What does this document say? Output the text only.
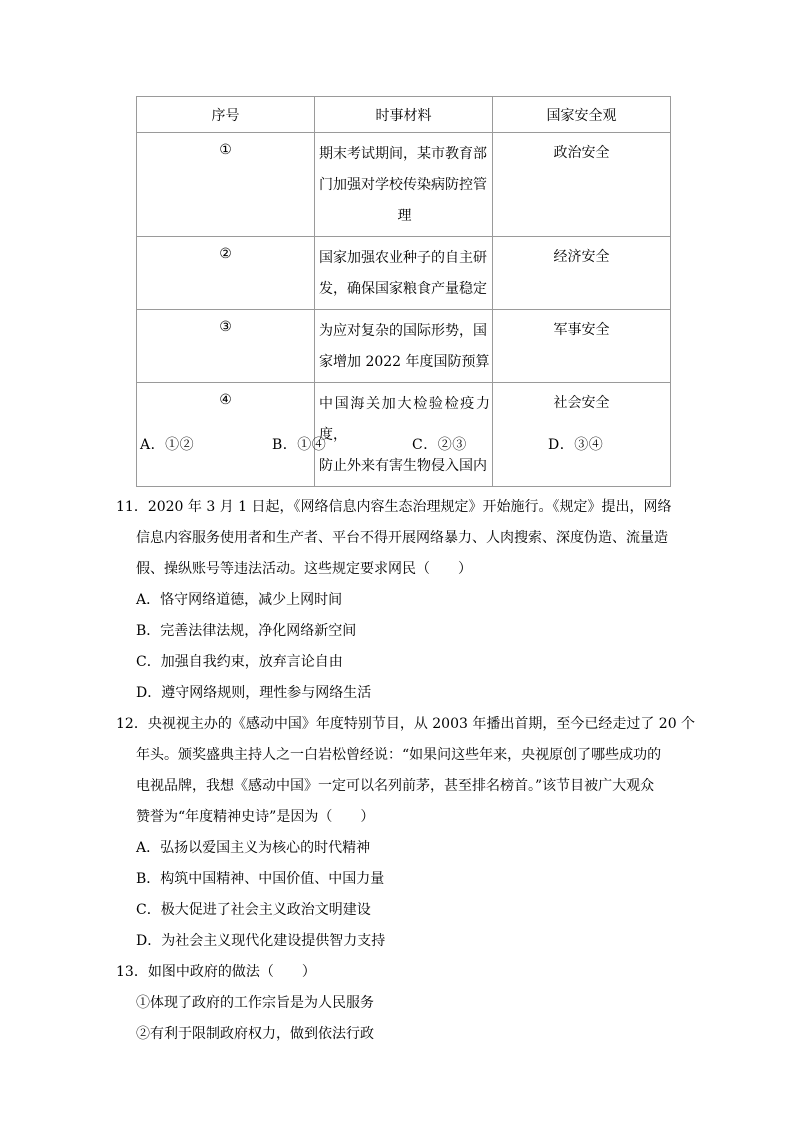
序号	时事材料	国家安全观
①	期末考试期间，某市教育部
门加强对学校传染病防控管

理	政治安全
②	国家加强农业种子的自主研
发，确保国家粮食产量稳定	经济安全
③	为应对复杂的国际形势，国
家增加 2022 年度国防预算	军事安全
④	中国海关加大检验检疫力度，
防止外来有害生物侵入国内	社会安全
A．①②	B．①④	C．②③	D．③④
11．2020 年 3 月 1 日起，《网络信息内容生态治理规定》开始施行。《规定》提出，网络
信息内容服务使用者和生产者、平台不得开展网络暴力、人肉搜索、深度伪造、流量造
假、操纵账号等违法活动。这些规定要求网民（　　）
A．恪守网络道德，减少上网时间
B．完善法律法规，净化网络新空间
C．加强自我约束，放弃言论自由
D．遵守网络规则，理性参与网络生活
12．央视视主办的《感动中国》年度特别节目，从 2003 年播出首期，至今已经走过了 20 个
年头。颁奖盛典主持人之一白岩松曾经说：“如果问这些年来，央视原创了哪些成功的
电视品牌，我想《感动中国》一定可以名列前茅，甚至排名榜首。”该节目被广大观众
赞誉为“年度精神史诗”是因为（　　）
A．弘扬以爱国主义为核心的时代精神
B．构筑中国精神、中国价值、中国力量
C．极大促进了社会主义政治文明建设
D．为社会主义现代化建设提供智力支持
13．如图中政府的做法（　　）
①体现了政府的工作宗旨是为人民服务
②有利于限制政府权力，做到依法行政
